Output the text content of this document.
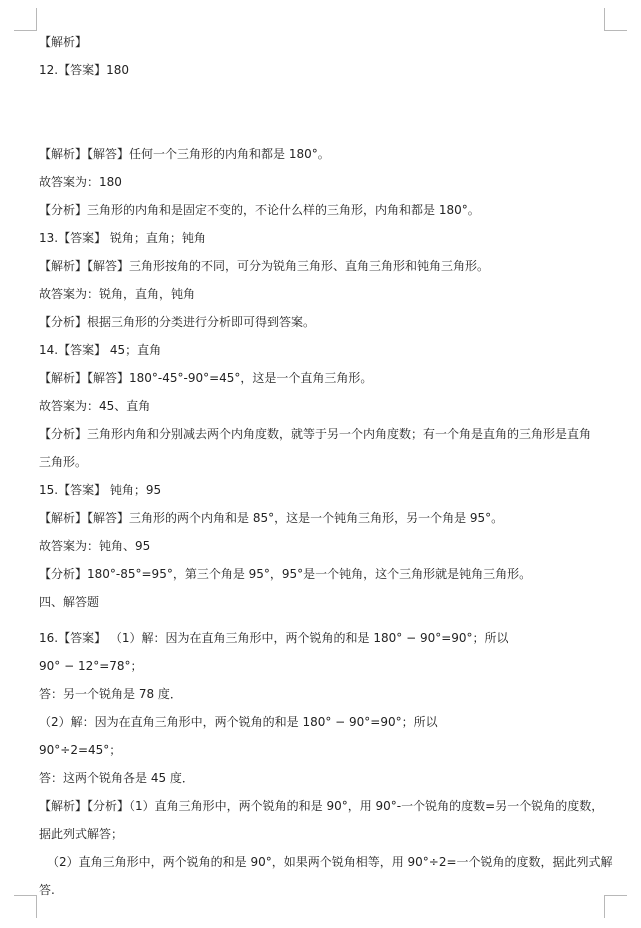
【解析】

12.【答案】180

【解析】【解答】任何一个三角形的内角和都是 180°。

故答案为：180

【分析】三角形的内角和是固定不变的，不论什么样的三角形，内角和都是 180°。

13.【答案】 锐角；直角；钝角

【解析】【解答】三角形按角的不同，可分为锐角三角形、直角三角形和钝角三角形。

故答案为：锐角，直角，钝角

【分析】根据三角形的分类进行分析即可得到答案。

14.【答案】 45；直角

【解析】【解答】180°-45°-90°=45°，这是一个直角三角形。

故答案为：45、直角

【分析】三角形内角和分别减去两个内角度数，就等于另一个内角度数；有一个角是直角的三角形是直角

三角形。

15.【答案】 钝角；95

【解析】【解答】三角形的两个内角和是 85°，这是一个钝角三角形，另一个角是 95°。

故答案为：钝角、95

【分析】180°-85°=95°，第三个角是 95°，95°是一个钝角，这个三角形就是钝角三角形。

四、解答题

16.【答案】 （1）解：因为在直角三角形中，两个锐角的和是 180° − 90°=90°；所以

90° − 12°=78°；

答：另一个锐角是 78 度．

（2）解：因为在直角三角形中，两个锐角的和是 180° − 90°=90°；所以

90°÷2=45°；

答：这两个锐角各是 45 度．

【解析】【分析】（1）直角三角形中，两个锐角的和是 90°，用 90°-一个锐角的度数=另一个锐角的度数，

据此列式解答；

（2）直角三角形中，两个锐角的和是 90°，如果两个锐角相等，用 90°÷2=一个锐角的度数，据此列式解

答.
